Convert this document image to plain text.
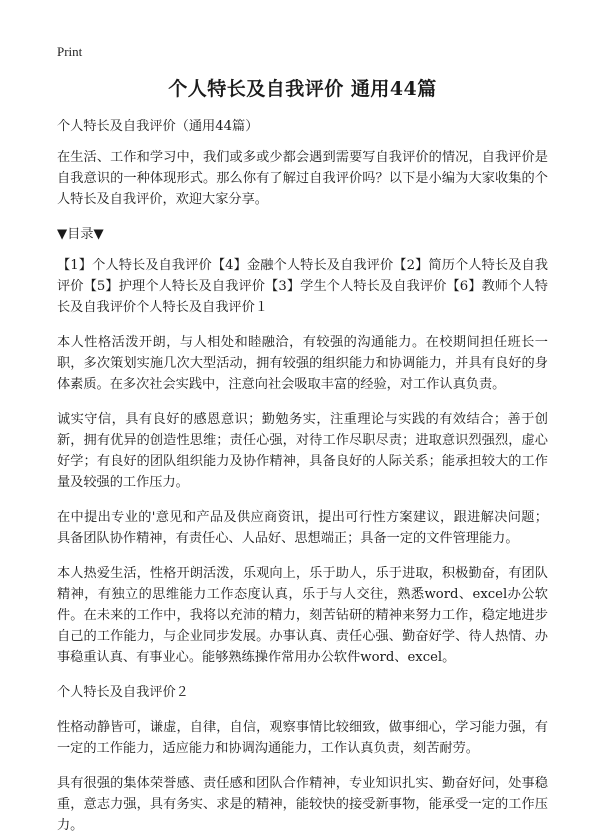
Print
个人特长及自我评价 通用44篇

个人特长及自我评价（通用44篇）

在生活、工作和学习中，我们或多或少都会遇到需要写自我评价的情况，自我评价是自我意识的一种体现形式。那么你有了解过自我评价吗？以下是小编为大家收集的个人特长及自我评价，欢迎大家分享。

▼目录▼

【1】个人特长及自我评价【4】金融个人特长及自我评价【2】简历个人特长及自我评价【5】护理个人特长及自我评价【3】学生个人特长及自我评价【6】教师个人特长及自我评价个人特长及自我评价１

本人性格活泼开朗，与人相处和睦融洽，有较强的沟通能力。在校期间担任班长一职，多次策划实施几次大型活动，拥有较强的组织能力和协调能力，并具有良好的身体素质。在多次社会实践中，注意向社会吸取丰富的经验，对工作认真负责。

诚实守信，具有良好的感恩意识；勤勉务实，注重理论与实践的有效结合；善于创新，拥有优异的创造性思维；责任心强，对待工作尽职尽责；进取意识烈强烈，虚心好学；有良好的团队组织能力及协作精神，具备良好的人际关系；能承担较大的工作量及较强的工作压力。

在中提出专业的'意见和产品及供应商资讯，提出可行性方案建议，跟进解决问题；具备团队协作精神，有责任心、人品好、思想端正；具备一定的文件管理能力。

本人热爱生活，性格开朗活泼，乐观向上，乐于助人，乐于进取，积极勤奋，有团队精神，有独立的思维能力工作态度认真，乐于与人交往，熟悉word、excel办公软件。在未来的工作中，我将以充沛的精力，刻苦钻研的精神来努力工作，稳定地进步自己的工作能力，与企业同步发展。办事认真、责任心强、勤奋好学、待人热情、办事稳重认真、有事业心。能够熟练操作常用办公软件word、excel。

个人特长及自我评价２

性格动静皆可，谦虚，自律，自信，观察事情比较细致，做事细心，学习能力强，有一定的工作能力，适应能力和协调沟通能力，工作认真负责，刻苦耐劳。

具有很强的集体荣誉感、责任感和团队合作精神，专业知识扎实、勤奋好问，处事稳重，意志力强，具有务实、求是的精神，能较快的接受新事物，能承受一定的工作压力。
